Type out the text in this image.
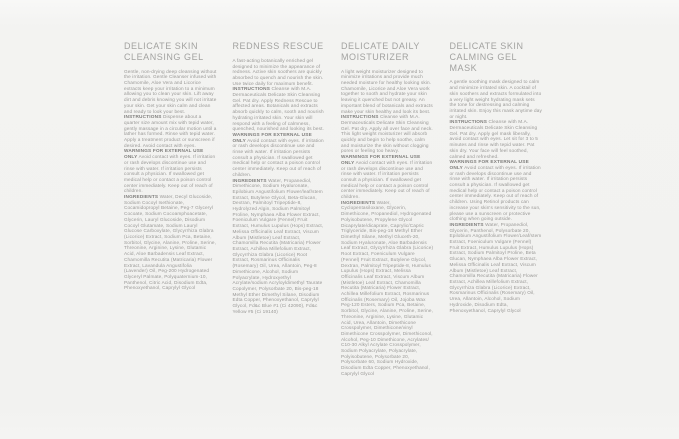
DELICATE SKIN CLEANSING GEL

Gentle, non-drying deep cleansing without the irritation. Gentle Cleanser infused with Chamomile, Aloe Vera and Licorice extracts keep your irritation to a minimum allowing you to clean your skin. Lift away dirt and debris knowing you will not irritate your skin. Get your skin calm and clean and ready to look your best.

INSTRUCTIONS Dispense about a quarter size amount mix with tepid water, gently massage in a circular motion until a lather has formed. Rinse with tepid water. Apply a treatment product or sunscreen if desired. Avoid contact with eyes.

WARNINGS FOR EXTERNAL USE ONLY Avoid contact with eyes. If irritation or rash develops discontinue use and rinse with water. If irritation persists consult a physician. If swallowed get medical help or contact a poison control center immediately. Keep out of reach of children.

INGREDIENTS Water, Decyl Glucoside, Sodium Cocoyl Isethionate, Cocamidopropyl Betaine, Peg-7 Glyceryl Cocoate, Sodium Cocoamphoacetate, Glycerin, Lauryl Glucoside, Disodium Cocoyl Glutamate, Sodium Lauryl Glucose Carboxylate, Glycyrrhiza Glabra (Licorice) Extract, Sodium Pca, Betaine, Sorbitol, Glycine, Alanine, Proline, Serine, Threonine, Arginine, Lysine, Glutamic Acid, Aloe Barbadensis Leaf Extract, Chamomilla Recutita (Matricaria) Flower Extract, Lavandula Angustifolia (Lavender) Oil, Peg-200 Hydrogenated Glyceryl Palmate, Polyquaternium-10, Panthenol, Citric Acid, Disodium Edta, Phenoxyethanol, Caprylyl Glycol

REDNESS RESCUE

A fast-acting botanically enriched gel designed to minimize the appearance of redness. Active skin soothers are quickly absorbed to quench and nourish the skin. Use twice daily for maximum benefit.

INSTRUCTIONS Cleanse with M.A. Dermaceuticals Delicate Skin Cleansing Gel. Pat dry. Apply Redness Rescue to affected areas. Botanicals and extracts absorb quickly to calm, sooth and nourish hydrating irritated skin. Your skin will respond with a feeling of calmness, quenched, nourished and looking its best.

WARNINGS FOR EXTERNAL USE ONLY Avoid contact with eyes. If irritation or rash develops discontinue use and rinse with water. If irritation persists consult a physician. If swallowed get medical help or contact a poison control center immediately. Keep out of reach of children.

INGREDIENTS Water, Propanediol, Dimethicone, Sodium Hyaluronate, Epilobium Angustifolium Flower/leaf/stem Extract, Butylene Glycol, Beta-Glucan, Dextran, Palmitoyl Tripeptide-8, Hydrolyzed Algin, Sodium Palmitoyl Proline, Nymphaea Alba Flower Extract, Foeniculum Vulgare (Fennel) Fruit Extract, Humulus Lupulus (Hops) Extract, Melissa Officinalis Leaf Extract, Viscum Album (Mistletoe) Leaf Extract, Chamomilla Recutita (Matricaria) Flower Extract, Achillea Millefolium Extract, Glycyrrhiza Glabra (Licorice) Root Extract, Rosmarinus Officinalis (Rosemary) Oil, Urea, Allantoin, Peg-8 Dimethicone, Alcohol, Sodium Polyacrylate, Hydroxyethyl Acrylate/sodium Acryloyldimethyl Taurate Copolymer, Polysorbate 20, Bis-peg-18 Methyl Ether Dimethyl Silane, Disodium Edta Copper, Phenoxyethanol, Caprylyl Glycol, Fd&c Blue #1 (Ci 42090), Fd&c Yellow #5 (Ci 19140)

DELICATE DAILY MOISTURIZER

A light weight moisturizer designed to minimize irritations and provide much needed moisture for healthy looking skin. Chamomile, Licorice and Aloe Vera work together to sooth and hydrate your skin leaving it quenched but not greasy. An important blend of botanicals and extracts make your skin healthy and look its best.

INSTRUCTIONS Cleanse with M.A. Dermaceuticals Delicate Skin Cleansing Gel. Pat dry. Apply all over face and neck. This light weight moisturizer will absorb quickly and begin to help soothe, calm and moisturize the skin without clogging pores or feeling too heavy.

WARNINGS FOR EXTERNAL USE ONLY Avoid contact with eyes. If irritation or rash develops discontinue use and rinse with water. If irritation persists consult a physician. If swallowed get medical help or contact a poison control center immediately. Keep out of reach of children.

INGREDIENTS Water, Cyclopentasiloxane, Glycerin, Dimethicone, Propanediol, Hydrogenated Polyisobutene, Propylene Glycol Dicaprylate/dicaprate, Caprylic/Capric Triglyceride, Bis-peg-18 Methyl Ether Dimethyl Silane, Methyl Gluceth-20, Sodium Hyaluronate, Aloe Barbadensis Leaf Extract, Glycyrrhiza Glabra (Licorice) Root Extract, Foeniculum Vulgare (Fennel) Fruit Extract, Butylene Glycol, Dextran, Palmitoyl Tripeptide-8, Humulus Lupulus (Hops) Extract, Melissa Officinalis Leaf Extract, Viscum Album (Mistletoe) Leaf Extract, Chamomilla Recutita (Matricaria) Flower Extract, Achillea Millefolium Extract, Rosmarinus Officinalis (Rosemary) Oil, Jojoba Wax Peg-120 Esters, Sodium Pca, Betaine, Sorbitol, Glycine, Alanine, Proline, Serine, Threonine, Arginine, Lysine, Glutamic Acid, Urea, Allantoin, Dimethicone Crosspolymer, Dimethicone/vinyl Dimethicone Crosspolymer, Dimethiconol, Alcohol, Peg-10 Dimethicone, Acrylates/ C10-30 Alkyl Acrylate Crosspolymer, Sodium Polyacrylate, Polyacrylate, Polyisobutene, Polysorbate 20, Polysorbate 60, Sodium Hydroxide, Disodium Edta Copper, Phenoxyethanol, Caprylyl Glycol

DELICATE SKIN CALMING GEL MASK

A gentle soothing mask designed to calm and minimize irritated skin. A cocktail of skin soothers and extracts formulated into a very light weight hydrating mask sets the tone for destressing and calming irritated skin. Enjoy this mask anytime day or night.

INSTRUCTIONS Cleanse with M.A. Dermaceuticals Delicate Skin Cleansing Gel. Pat dry. Apply gel mask liberally, avoid contact with eyes. Let sit for 3 to 5 minutes and rinse with tepid water. Pat skin dry. Your face will feel soothed, calmed and refreshed.

WARNINGS FOR EXTERNAL USE ONLY Avoid contact with eyes. If irritation or rash develops discontinue use and rinse with water. If irritation persists consult a physician. If swallowed get medical help or contact a poison control center immediately. Keep out of reach of children. Using Retinol products can increase your skin's sensitivity to the sun, please use a sunscreen or protective clothing when going outside.

INGREDIENTS Water, Propanediol, Glycerin, Panthenol, Polysorbate 20, Epilobium Angustifolium Flower/Leaf/stem Extract, Foeniculum Vulgare (Fennel) Fruit Extract, Humulus Lupulus (Hops) Extract, Sodium Palmitoyl Proline, Beta Glucan, Nymphaea Alba Flower Extract, Melissa Officinalis Leaf Extract, Viscum Album (Mistletoe) Leaf Extract, Chamomilla Recutita (Matricaria) Flower Extract, Achillea Millefolium Extract, Glycyrrhiza Glabra (Licorice) Extract, Rosmarinus Officinalis (Rosemary) Oil, Urea, Allantoin, Alcohol, Sodium Hydroxide, Disodium Edta, Phenoxyethanol, Caprylyl Glycol
